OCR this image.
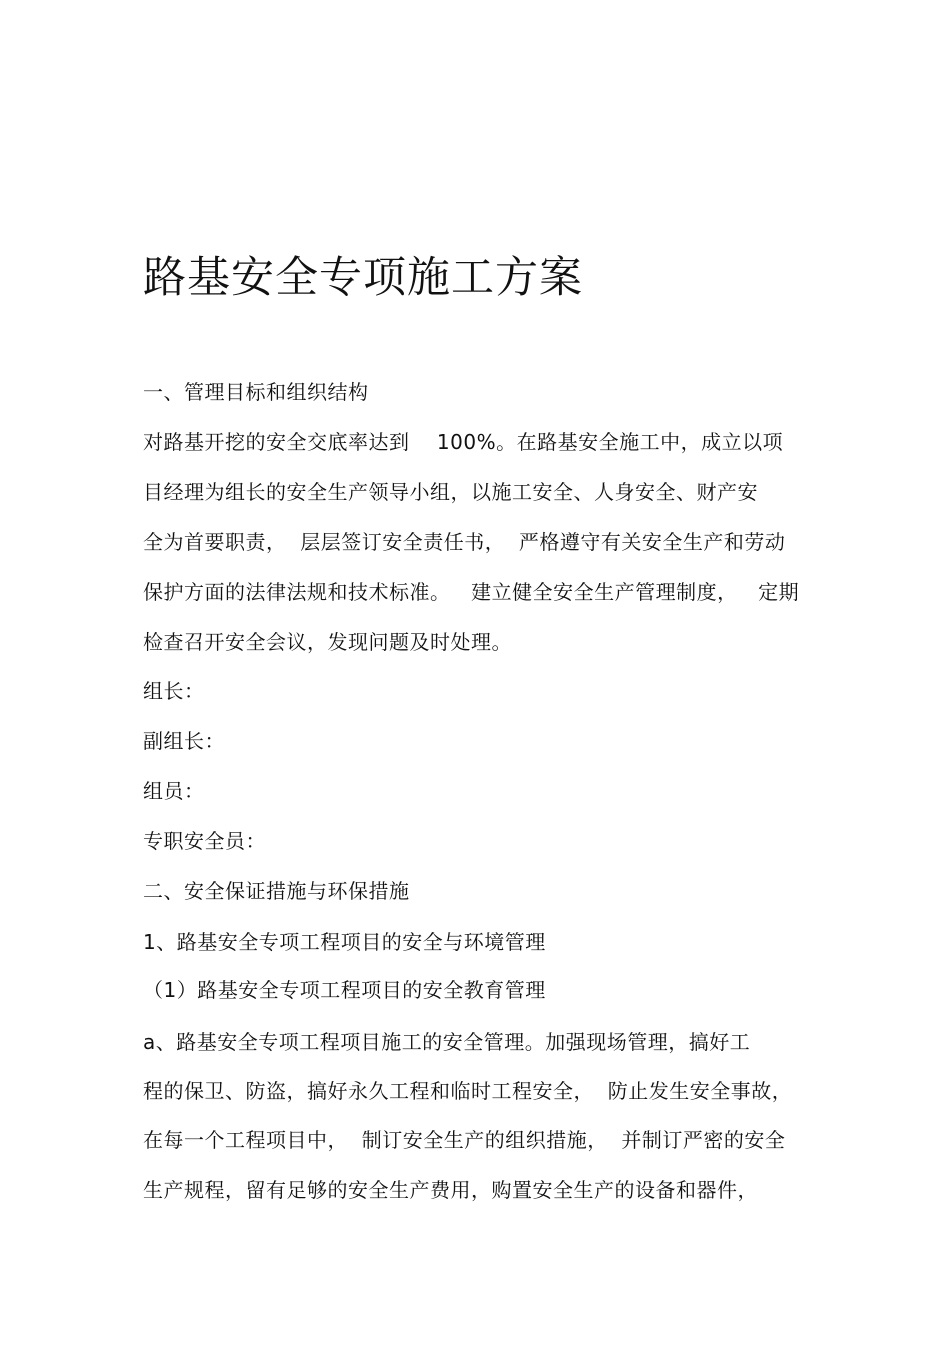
路基安全专项施工方案
一、管理目标和组织结构
对路基开挖的安全交底率达到    100%。在路基安全施工中，成立以项
目经理为组长的安全生产领导小组，以施工安全、人身安全、财产安
全为首要职责，  层层签订安全责任书，  严格遵守有关安全生产和劳动
保护方面的法律法规和技术标准。   建立健全安全生产管理制度，   定期
检查召开安全会议，发现问题及时处理。
组长：
副组长：
组员：
专职安全员：
二、安全保证措施与环保措施
1、路基安全专项工程项目的安全与环境管理
（1）路基安全专项工程项目的安全教育管理
a、路基安全专项工程项目施工的安全管理。加强现场管理，搞好工
程的保卫、防盗，搞好永久工程和临时工程安全，  防止发生安全事故，
在每一个工程项目中，  制订安全生产的组织措施，  并制订严密的安全
生产规程，留有足够的安全生产费用，购置安全生产的设备和器件，
